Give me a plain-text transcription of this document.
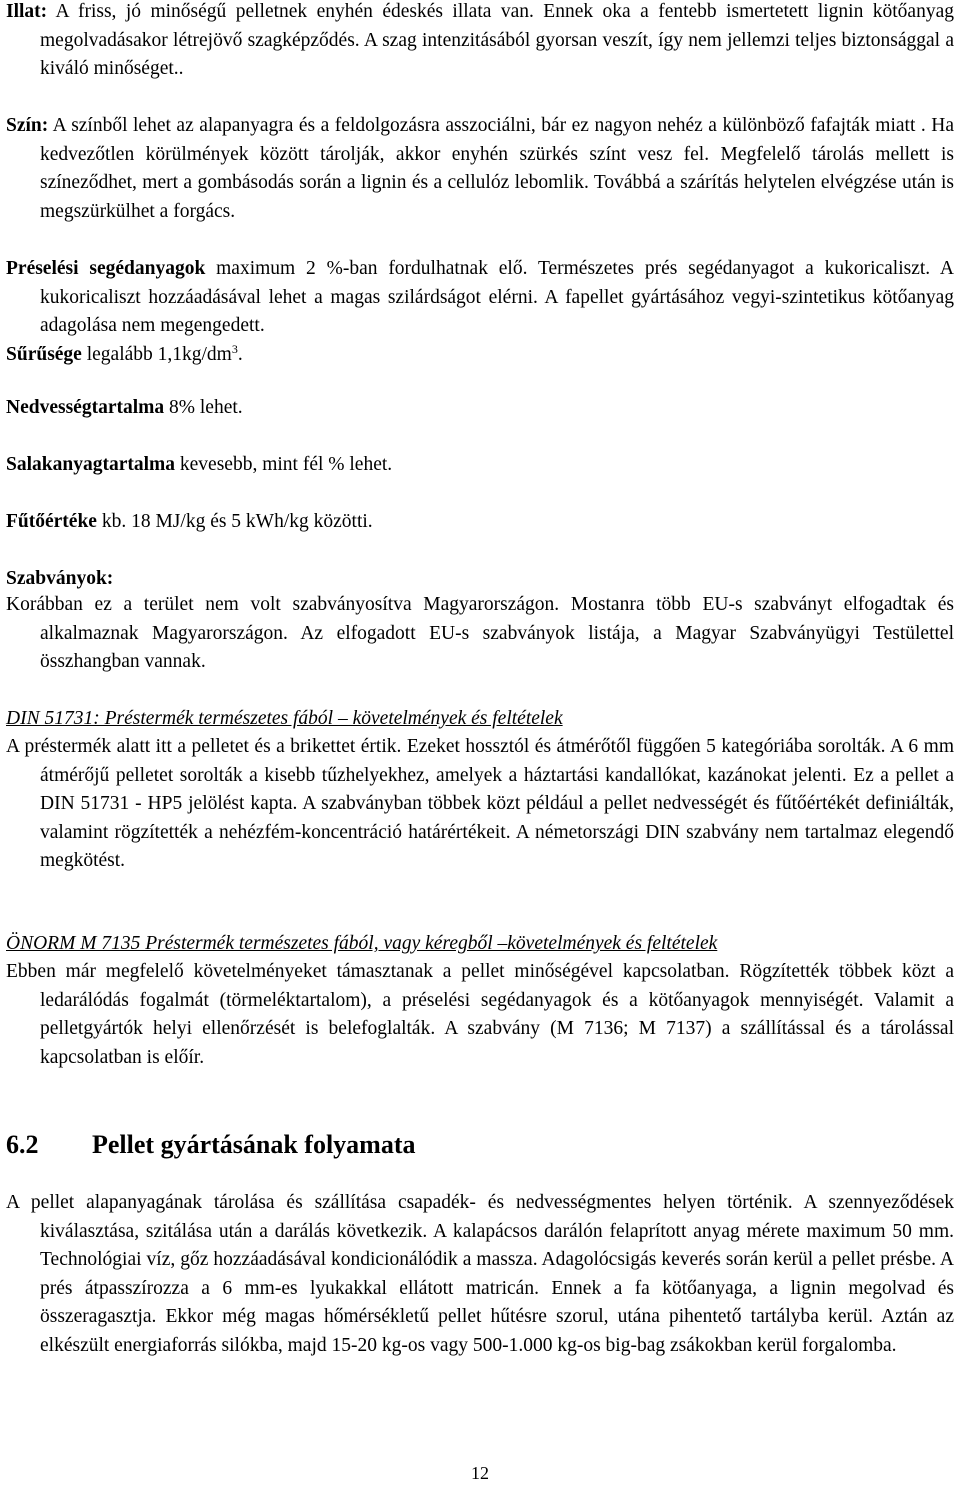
Illat: A friss, jó minőségű pelletnek enyhén édeskés illata van. Ennek oka a fentebb ismertetett lignin kötőanyag megolvadásakor létrejövő szagképződés. A szag intenzitásából gyorsan veszít, így nem jellemzi teljes biztonsággal a kiváló minőséget..
Szín: A színből lehet az alapanyagra és a feldolgozásra asszociálni, bár ez nagyon nehéz a különböző fafajták miatt . Ha kedvezőtlen körülmények között tárolják, akkor enyhén szürkés színt vesz fel. Megfelelő tárolás mellett is színeződhet, mert a gombásodás során a lignin és a cellulóz lebomlik. Továbbá a szárítás helytelen elvégzése után is megszürkülhet a forgács.
Préselési segédanyagok maximum 2 %-ban fordulhatnak elő. Természetes prés segédanyagot a kukoricaliszt. A kukoricaliszt hozzáadásával lehet a magas szilárdságot elérni. A fapellet gyártásához vegyi-szintetikus kötőanyag adagolása nem megengedett.
Sűrűsége legalább $1,1kg/dm^3$.
Nedvességtartalma 8% lehet.
Salakanyagtartalma kevesebb, mint fél % lehet.
Fűtőértéke kb. 18 MJ/kg és 5 kWh/kg közötti.
Szabványok:
Korábban ez a terület nem volt szabványosítva Magyarországon. Mostanra több EU-s szabványt elfogadtak és alkalmaznak Magyarországon. Az elfogadott EU-s szabványok listája, a Magyar Szabványügyi Testülettel összhangban vannak.
DIN 51731: Préstermék természetes fából – követelmények és feltételek
A préstermék alatt itt a pelletet és a brikettet értik. Ezeket hossztól és átmérőtől függően 5 kategóriába sorolták. A 6 mm átmérőjű pelletet sorolták a kisebb tűzhelyekhez, amelyek a háztartási kandallókat, kazánokat jelenti. Ez a pellet a DIN 51731 - HP5 jelölést kapta. A szabványban többek közt például a pellet nedvességét és fűtőértékét definiálták, valamint rögzítették a nehézfém-koncentráció határértékeit. A németországi DIN szabvány nem tartalmaz elegendő megkötést.
ÖNORM M 7135 Préstermék természetes fából, vagy kéregből –követelmények és feltételek
Ebben már megfelelő követelményeket támasztanak a pellet minőségével kapcsolatban. Rögzítették többek közt a ledarálódás fogalmát (törmeléktartalom), a préselési segédanyagok és a kötőanyagok mennyiségét. Valamit a pelletgyártók helyi ellenőrzését is belefoglalták. A szabvány (M 7136; M 7137) a szállítással és a tárolással kapcsolatban is előír.
6.2 Pellet gyártásának folyamata
A pellet alapanyagának tárolása és szállítása csapadék- és nedvességmentes helyen történik. A szennyeződések kiválasztása, szitálása után a darálás következik. A kalapácsos darálón felaprított anyag mérete maximum 50 mm. Technológiai víz, gőz hozzáadásával kondicionálódik a massza. Adagolócsigás keverés során kerül a pellet présbe. A prés átpasszírozza a 6 mm-es lyukakkal ellátott matricán. Ennek a fa kötőanyaga, a lignin megolvad és összeragasztja. Ekkor még magas hőmérsékletű pellet hűtésre szorul, utána pihentető tartályba kerül. Aztán az elkészült energiaforrás silókba, majd 15-20 kg-os vagy 500-1.000 kg-os big-bag zsákokban kerül forgalomba.
12
